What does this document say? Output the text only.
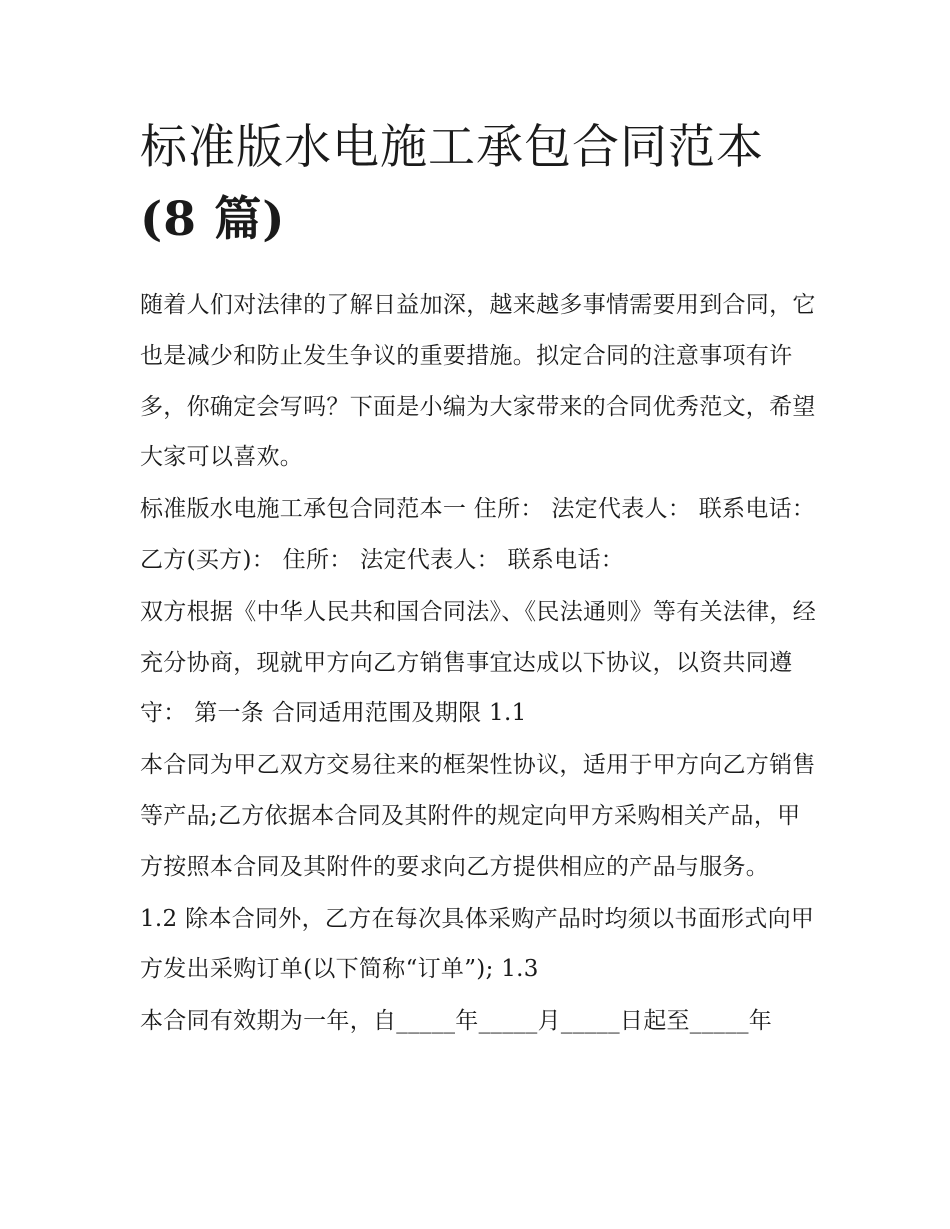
标准版水电施工承包合同范本
(8 篇)

随着人们对法律的了解日益加深，越来越多事情需要用到合同，它也是减少和防止发生争议的重要措施。拟定合同的注意事项有许多，你确定会写吗？下面是小编为大家带来的合同优秀范文，希望大家可以喜欢。

标准版水电施工承包合同范本一 住所： 法定代表人： 联系电话： 乙方(买方)： 住所： 法定代表人： 联系电话：

双方根据《中华人民共和国合同法》、《民法通则》等有关法律，经充分协商，现就甲方向乙方销售事宜达成以下协议，以资共同遵守： 第一条 合同适用范围及期限 1.1

本合同为甲乙双方交易往来的框架性协议，适用于甲方向乙方销售等产品;乙方依据本合同及其附件的规定向甲方采购相关产品，甲方按照本合同及其附件的要求向乙方提供相应的产品与服务。

1.2 除本合同外，乙方在每次具体采购产品时均须以书面形式向甲方发出采购订单(以下简称“订单”); 1.3

本合同有效期为一年，自_____年_____月_____日起至_____年
